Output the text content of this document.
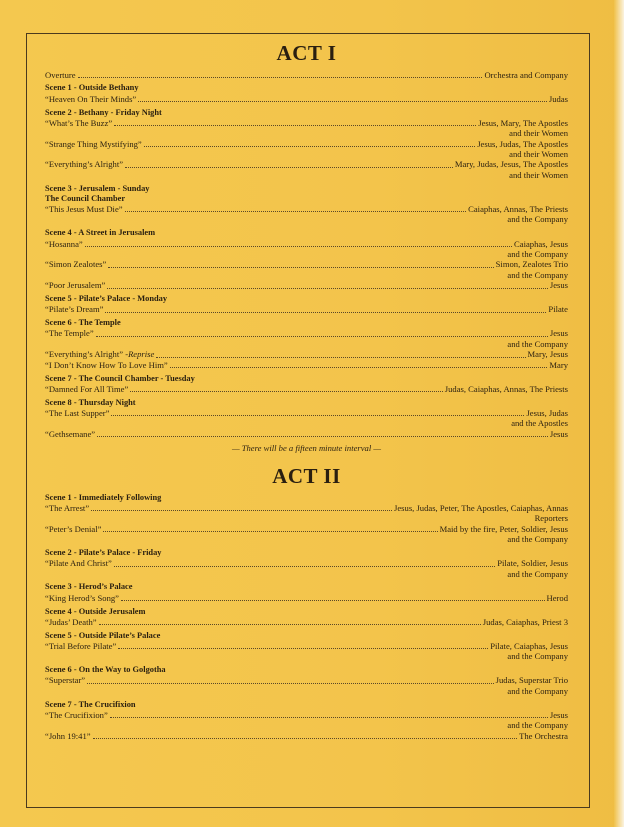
ACT I
Overture	Orchestra and Company
Scene 1 - Outside Bethany
“Heaven On Their Minds”	Judas
Scene 2 - Bethany - Friday Night
“What’s The Buzz”	Jesus, Mary, The Apostles
and their Women
“Strange Thing Mystifying”	Jesus, Judas, The Apostles
and their Women
“Everything’s Alright”	Mary, Judas, Jesus, The Apostles
and their Women
Scene 3 - Jerusalem - Sunday
The Council Chamber
“This Jesus Must Die”	Caiaphas, Annas, The Priests
and the Company
Scene 4 - A Street in Jerusalem
“Hosanna”	Caiaphas, Jesus
and the Company
“Simon Zealotes”	Simon, Zealotes Trio
and the Company
“Poor Jerusalem”	Jesus
Scene 5 - Pilate’s Palace - Monday
“Pilate’s Dream”	Pilate
Scene 6 - The Temple
“The Temple”	Jesus
and the Company
“Everything’s Alright” - Reprise	Mary, Jesus
“I Don’t Know How To Love Him”	Mary
Scene 7 - The Council Chamber - Tuesday
“Damned For All Time”	Judas, Caiaphas, Annas, The Priests
Scene 8 - Thursday Night
“The Last Supper”	Jesus, Judas
and the Apostles
“Gethsemane”	Jesus
— There will be a fifteen minute interval —
ACT II
Scene 1 - Immediately Following
“The Arrest”	Jesus, Judas, Peter, The Apostles, Caiaphas, Annas
Reporters
“Peter’s Denial”	Maid by the fire, Peter, Soldier, Jesus
and the Company
Scene 2 - Pilate’s Palace - Friday
“Pilate And Christ”	Pilate, Soldier, Jesus
and the Company
Scene 3 - Herod’s Palace
“King Herod’s Song”	Herod
Scene 4 - Outside Jerusalem
“Judas’ Death”	Judas, Caiaphas, Priest 3
Scene 5 - Outside Pilate’s Palace
“Trial Before Pilate”	Pilate, Caiaphas, Jesus
and the Company
Scene 6 - On the Way to Golgotha
“Superstar”	Judas, Superstar Trio
and the Company
Scene 7 - The Crucifixion
“The Crucifixion”	Jesus
and the Company
“John 19:41”	The Orchestra
